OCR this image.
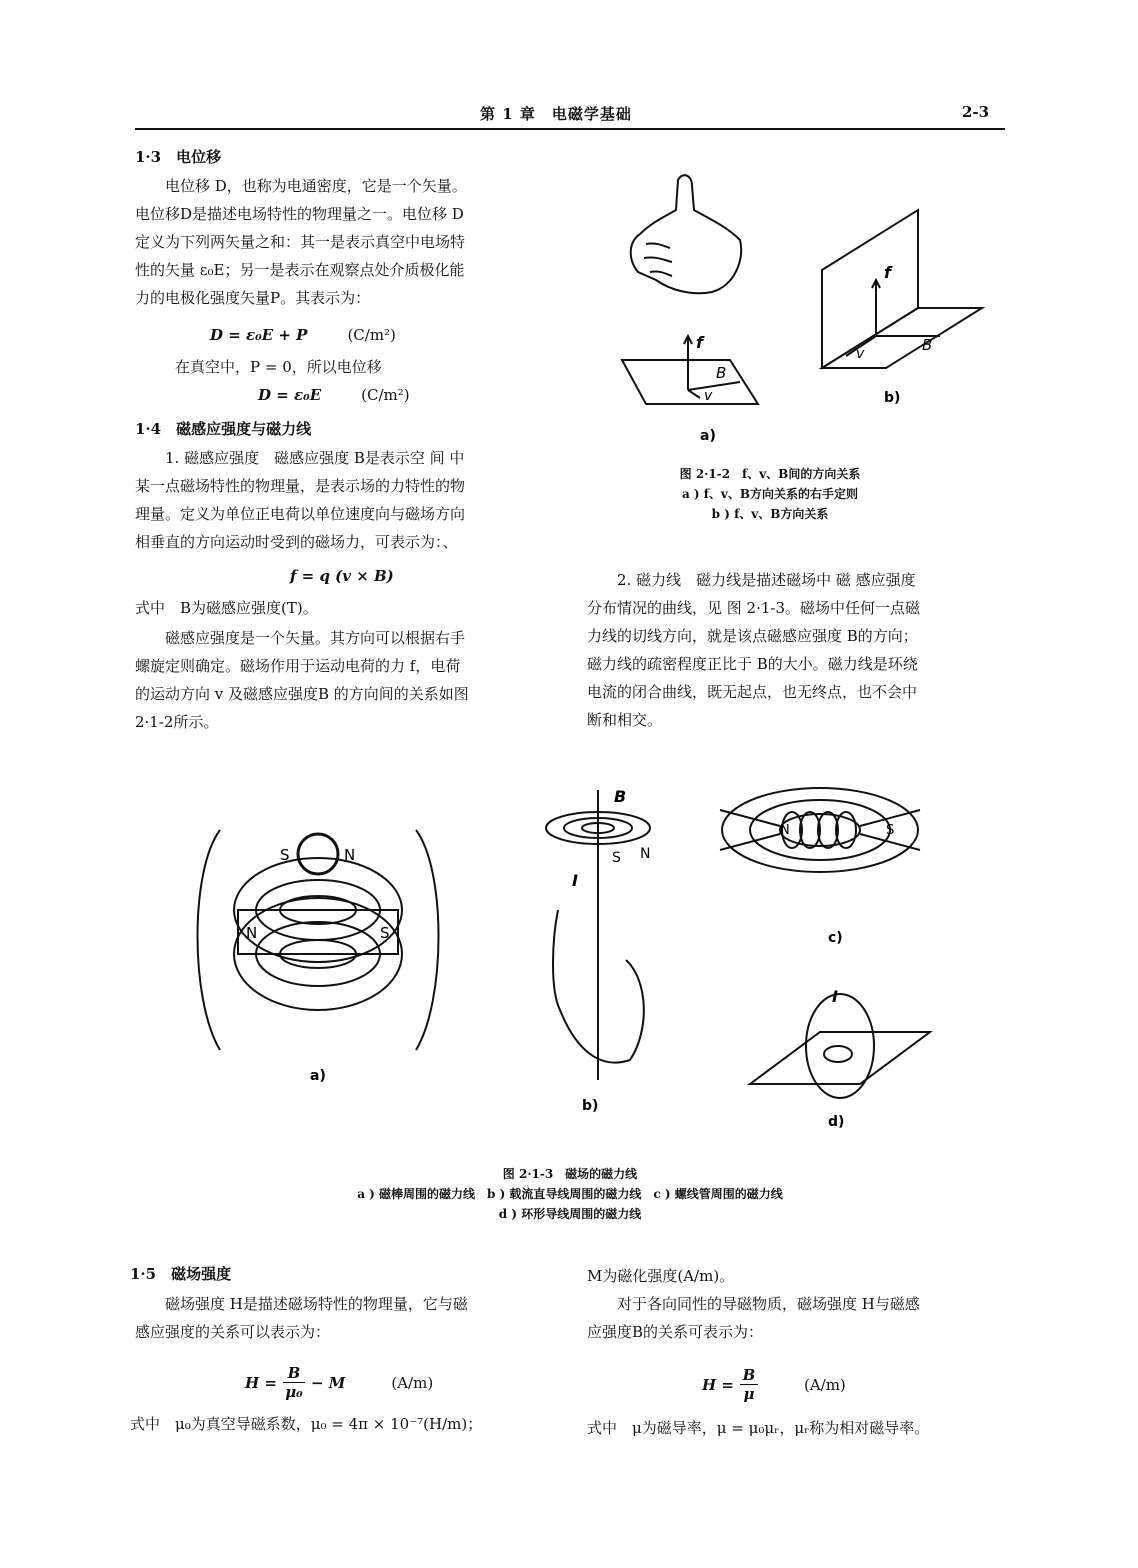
第 1 章　电磁学基础	2-3
1·3　电位移

　　电位移 D，也称为电通密度，它是一个矢量。

电位移D是描述电场特性的物理量之一。电位移 D

定义为下列两矢量之和：其一是表示真空中电场特

性的矢量 ε₀E；另一是表示在观察点处介质极化能

力的电极化强度矢量P。其表示为：

D = ε₀E + P	(C/m²)
在真空中，P = 0，所以电位移
D = ε₀E	(C/m²)
1·4　磁感应强度与磁力线

　　1. 磁感应强度　磁感应强度 B是表示空 间 中

某一点磁场特性的物理量，是表示场的力特性的物

理量。定义为单位正电荷以单位速度向与磁场方向

相垂直的方向运动时受到的磁场力，可表示为：、

f = q (v × B)
式中　B为磁感应强度(T)。

　　磁感应强度是一个矢量。其方向可以根据右手

螺旋定则确定。磁场作用于运动电荷的力 f，电荷

的运动方向 v 及磁感应强度B 的方向间的关系如图

2·1-2所示。

f
B
v
a)
f
B
v
b)
图 2·1-2　f、v、B间的方向关系
a ) f、v、B方向关系的右手定则
b ) f、v、B方向关系

　　2. 磁力线　磁力线是描述磁场中 磁 感应强度

分布情况的曲线，见 图 2·1-3。磁场中任何一点磁

力线的切线方向，就是该点磁感应强度 B的方向；

磁力线的疏密程度正比于 B的大小。磁力线是环绕

电流的闭合曲线，既无起点，也无终点，也不会中

断和相交。

S	N
N	S
a)
B
S N
I
b)
N	S
c)
I
d)
图 2·1-3　磁场的磁力线
a ) 磁棒周围的磁力线　b ) 载流直导线周围的磁力线　c ) 螺线管周围的磁力线
d ) 环形导线周围的磁力线
1·5　磁场强度

　　磁场强度 H是描述磁场特性的物理量，它与磁

感应强度的关系可以表示为：

H =
B
μ₀
− M	(A/m)
式中　μ₀为真空导磁系数，μ₀ = 4π × 10⁻⁷(H/m)；

M为磁化强度(A/m)。

　　对于各向同性的导磁物质，磁场强度 H与磁感

应强度B的关系可表示为：

H =
B
μ
(A/m)
式中　μ为磁导率，μ = μ₀μᵣ，μᵣ称为相对磁导率。
